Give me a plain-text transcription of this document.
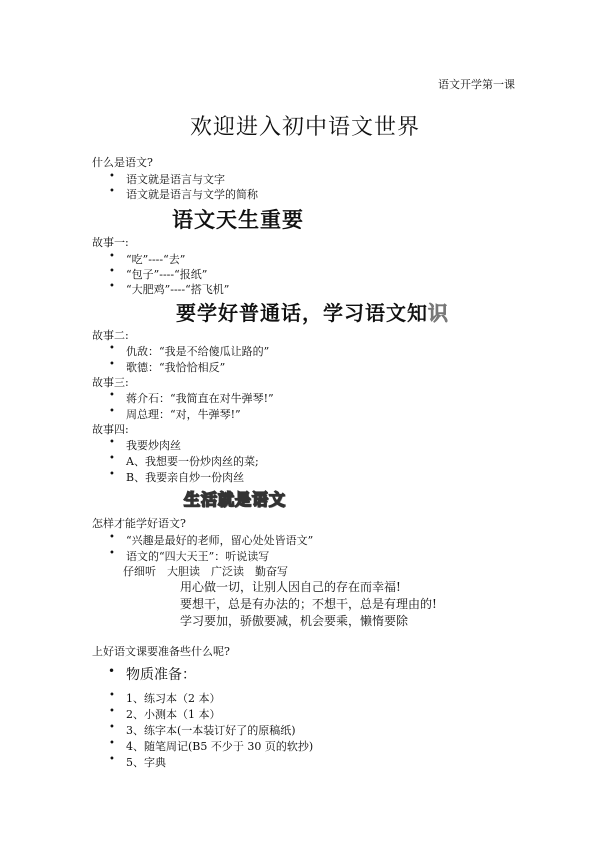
语文开学第一课
欢迎进入初中语文世界
什么是语文?
• 语文就是语言与文字
• 语文就是语言与文学的简称
语文天生重要
故事一:
• “吃”----“去”
• “包子”----“报纸”
• “大肥鸡”----“搭飞机”
要学好普通话，学习语文知识
故事二:
• 仇敌：“我是不给傻瓜让路的”
• 歌德：“我恰恰相反”
故事三:
• 蒋介石：“我简直在对牛弹琴!”
• 周总理：“对，牛弹琴!”
故事四:
• 我要炒肉丝
• A、我想要一份炒肉丝的菜;
• B、我要亲自炒一份肉丝
生活就是语文
怎样才能学好语文?
• “兴趣是最好的老师，留心处处皆语文”
• 语文的“四大天王”：听说读写
仔细听　大胆读　广泛读　勤奋写
用心做一切，让别人因自己的存在而幸福!
要想干，总是有办法的；不想干，总是有理由的!
学习要加，骄傲要减，机会要乘，懒惰要除
上好语文课要准备些什么呢?
• 物质准备：
• 1、练习本（2 本）
• 2、小测本（1 本）
• 3、练字本(一本装订好了的原稿纸)
• 4、随笔周记(B5 不少于 30 页的软抄)
• 5、字典
